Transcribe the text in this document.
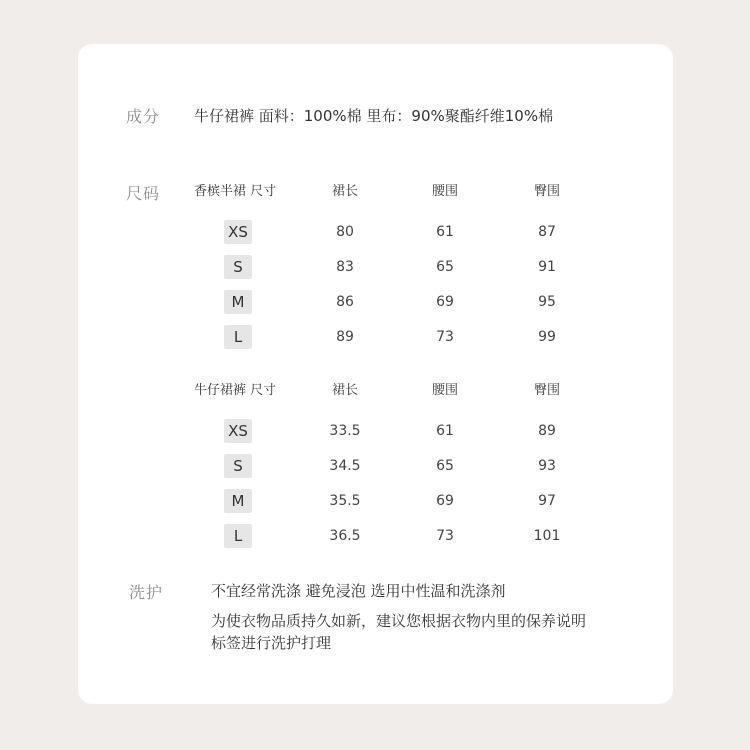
成分 牛仔裙裤 面料：100%棉 里布：90%聚酯纤维10%棉
尺码	香槟半裙 尺寸	裙长	腰围	臀围
XS	80	61	87
S	83	65	91
M	86	69	95
L	89	73	99
牛仔裙裤 尺寸	裙长	腰围	臀围
XS	33.5	61	89
S	34.5	65	93
M	35.5	69	97
L	36.5	73	101
洗护	不宜经常洗涤 避免浸泡 选用中性温和洗涤剂
为使衣物品质持久如新，建议您根据衣物内里的保养说明标签进行洗护打理
